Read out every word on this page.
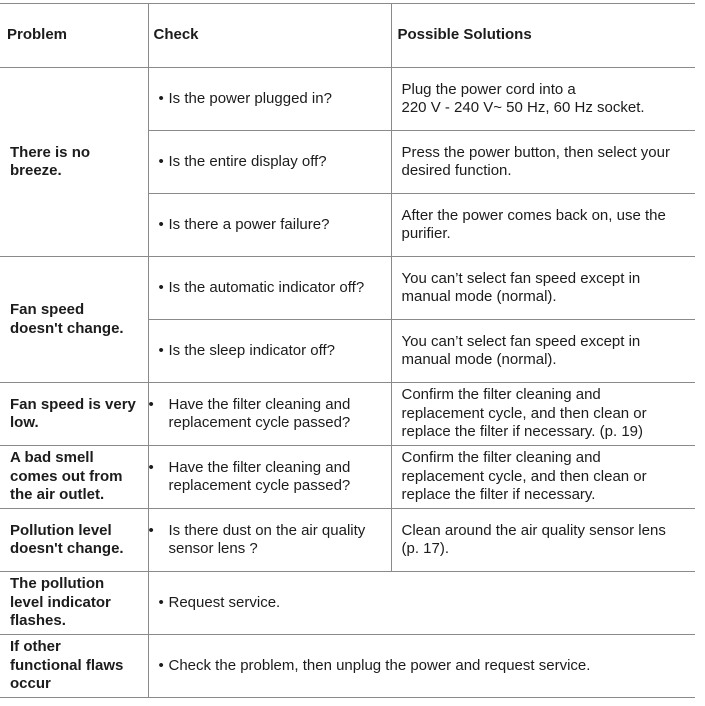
Problem	Check	Possible Solutions
There is no
breeze.	• Is the power plugged in?	Plug the power cord into a
220 V - 240 V~ 50 Hz, 60 Hz socket.

	• Is the entire display off?	Press the power button, then select your
desired function.

	• Is there a power failure?	After the power comes back on, use the
purifier.
Fan speed
doesn't change.	• Is the automatic indicator off?	You can’t select fan speed except in
manual mode (normal).

	• Is the sleep indicator off?	You can’t select fan speed except in
manual mode (normal).
Fan speed is very
low.	• Have the filter cleaning and
replacement cycle passed?	Confirm the filter cleaning and
replacement cycle, and then clean or
replace the filter if necessary. (p. 19)
A bad smell
comes out from
the air outlet.	• Have the filter cleaning and
replacement cycle passed?	Confirm the filter cleaning and
replacement cycle, and then clean or
replace the filter if necessary.
Pollution level
doesn't change.	• Is there dust on the air quality
sensor lens ?	Clean around the air quality sensor lens
(p. 17).
The pollution
level indicator
flashes.	• Request service.	

If other
functional flaws
occur	• Check the problem, then unplug the power and request service.	
